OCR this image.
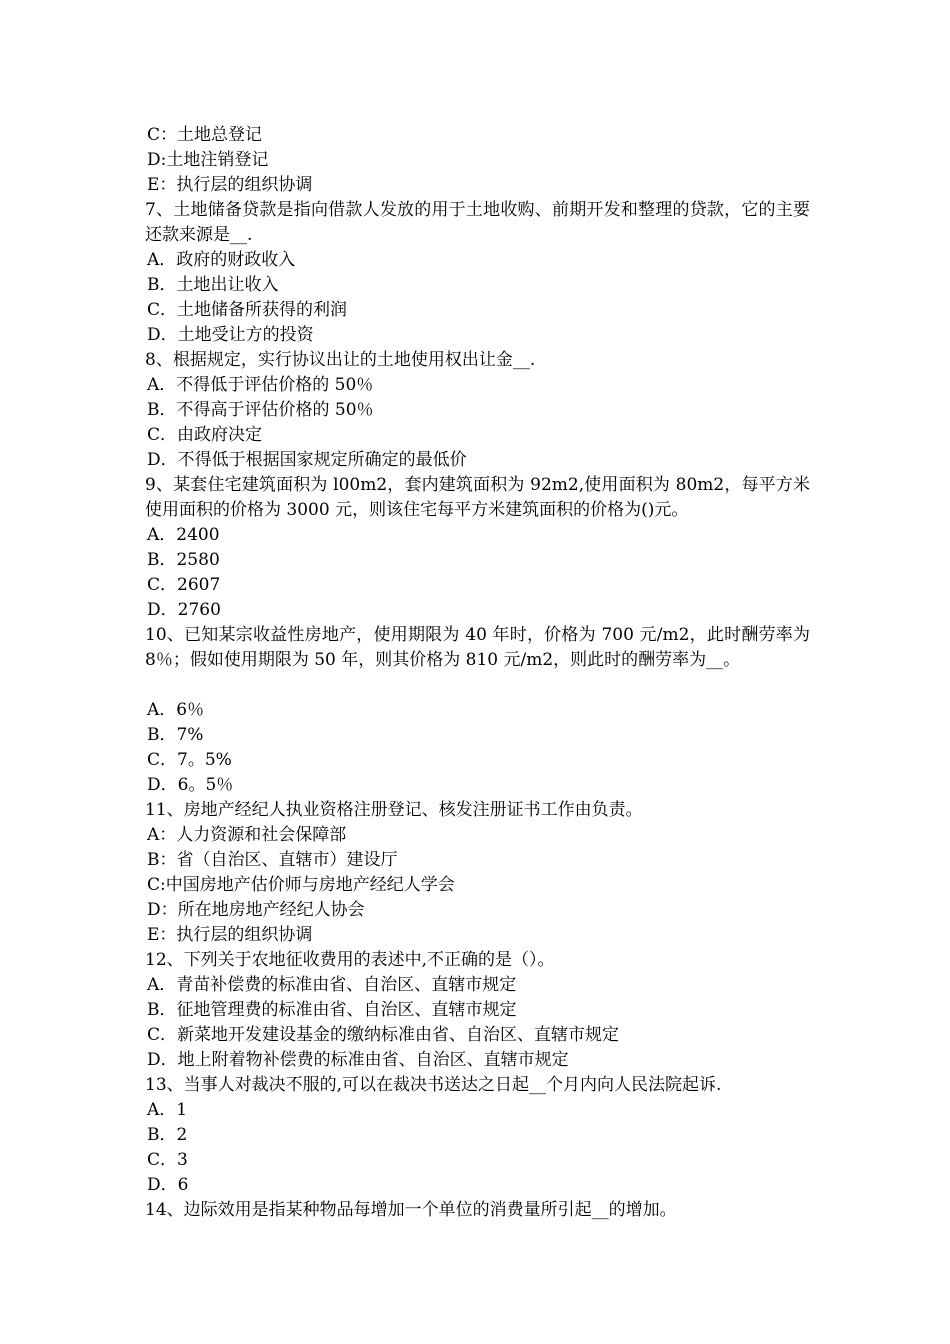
C：土地总登记
D:土地注销登记
E：执行层的组织协调
7、土地储备贷款是指向借款人发放的用于土地收购、前期开发和整理的贷款，它的主要还款来源是__.
A．政府的财政收入
B．土地出让收入
C．土地储备所获得的利润
D．土地受让方的投资
8、根据规定，实行协议出让的土地使用权出让金__.
A．不得低于评估价格的 50％
B．不得高于评估价格的 50％
C．由政府决定
D．不得低于根据国家规定所确定的最低价
9、某套住宅建筑面积为 l00m2，套内建筑面积为 92m2,使用面积为 80m2，每平方米使用面积的价格为 3000 元，则该住宅每平方米建筑面积的价格为()元。
A．2400
B．2580
C．2607
D．2760
10、已知某宗收益性房地产，使用期限为 40 年时，价格为 700 元/m2，此时酬劳率为 8％；假如使用期限为 50 年，则其价格为 810 元/m2，则此时的酬劳率为__。
A．6％
B．7%
C．7。5%
D．6。5％
11、房地产经纪人执业资格注册登记、核发注册证书工作由负责。
A：人力资源和社会保障部
B：省（自治区、直辖市）建设厅
C:中国房地产估价师与房地产经纪人学会
D：所在地房地产经纪人协会
E：执行层的组织协调
12、下列关于农地征收费用的表述中,不正确的是（）。
A．青苗补偿费的标准由省、自治区、直辖市规定
B．征地管理费的标准由省、自治区、直辖市规定
C．新菜地开发建设基金的缴纳标准由省、自治区、直辖市规定
D．地上附着物补偿费的标准由省、自治区、直辖市规定
13、当事人对裁决不服的,可以在裁决书送达之日起__个月内向人民法院起诉.
A．1
B．2
C．3
D．6
14、边际效用是指某种物品每增加一个单位的消费量所引起__的增加。
